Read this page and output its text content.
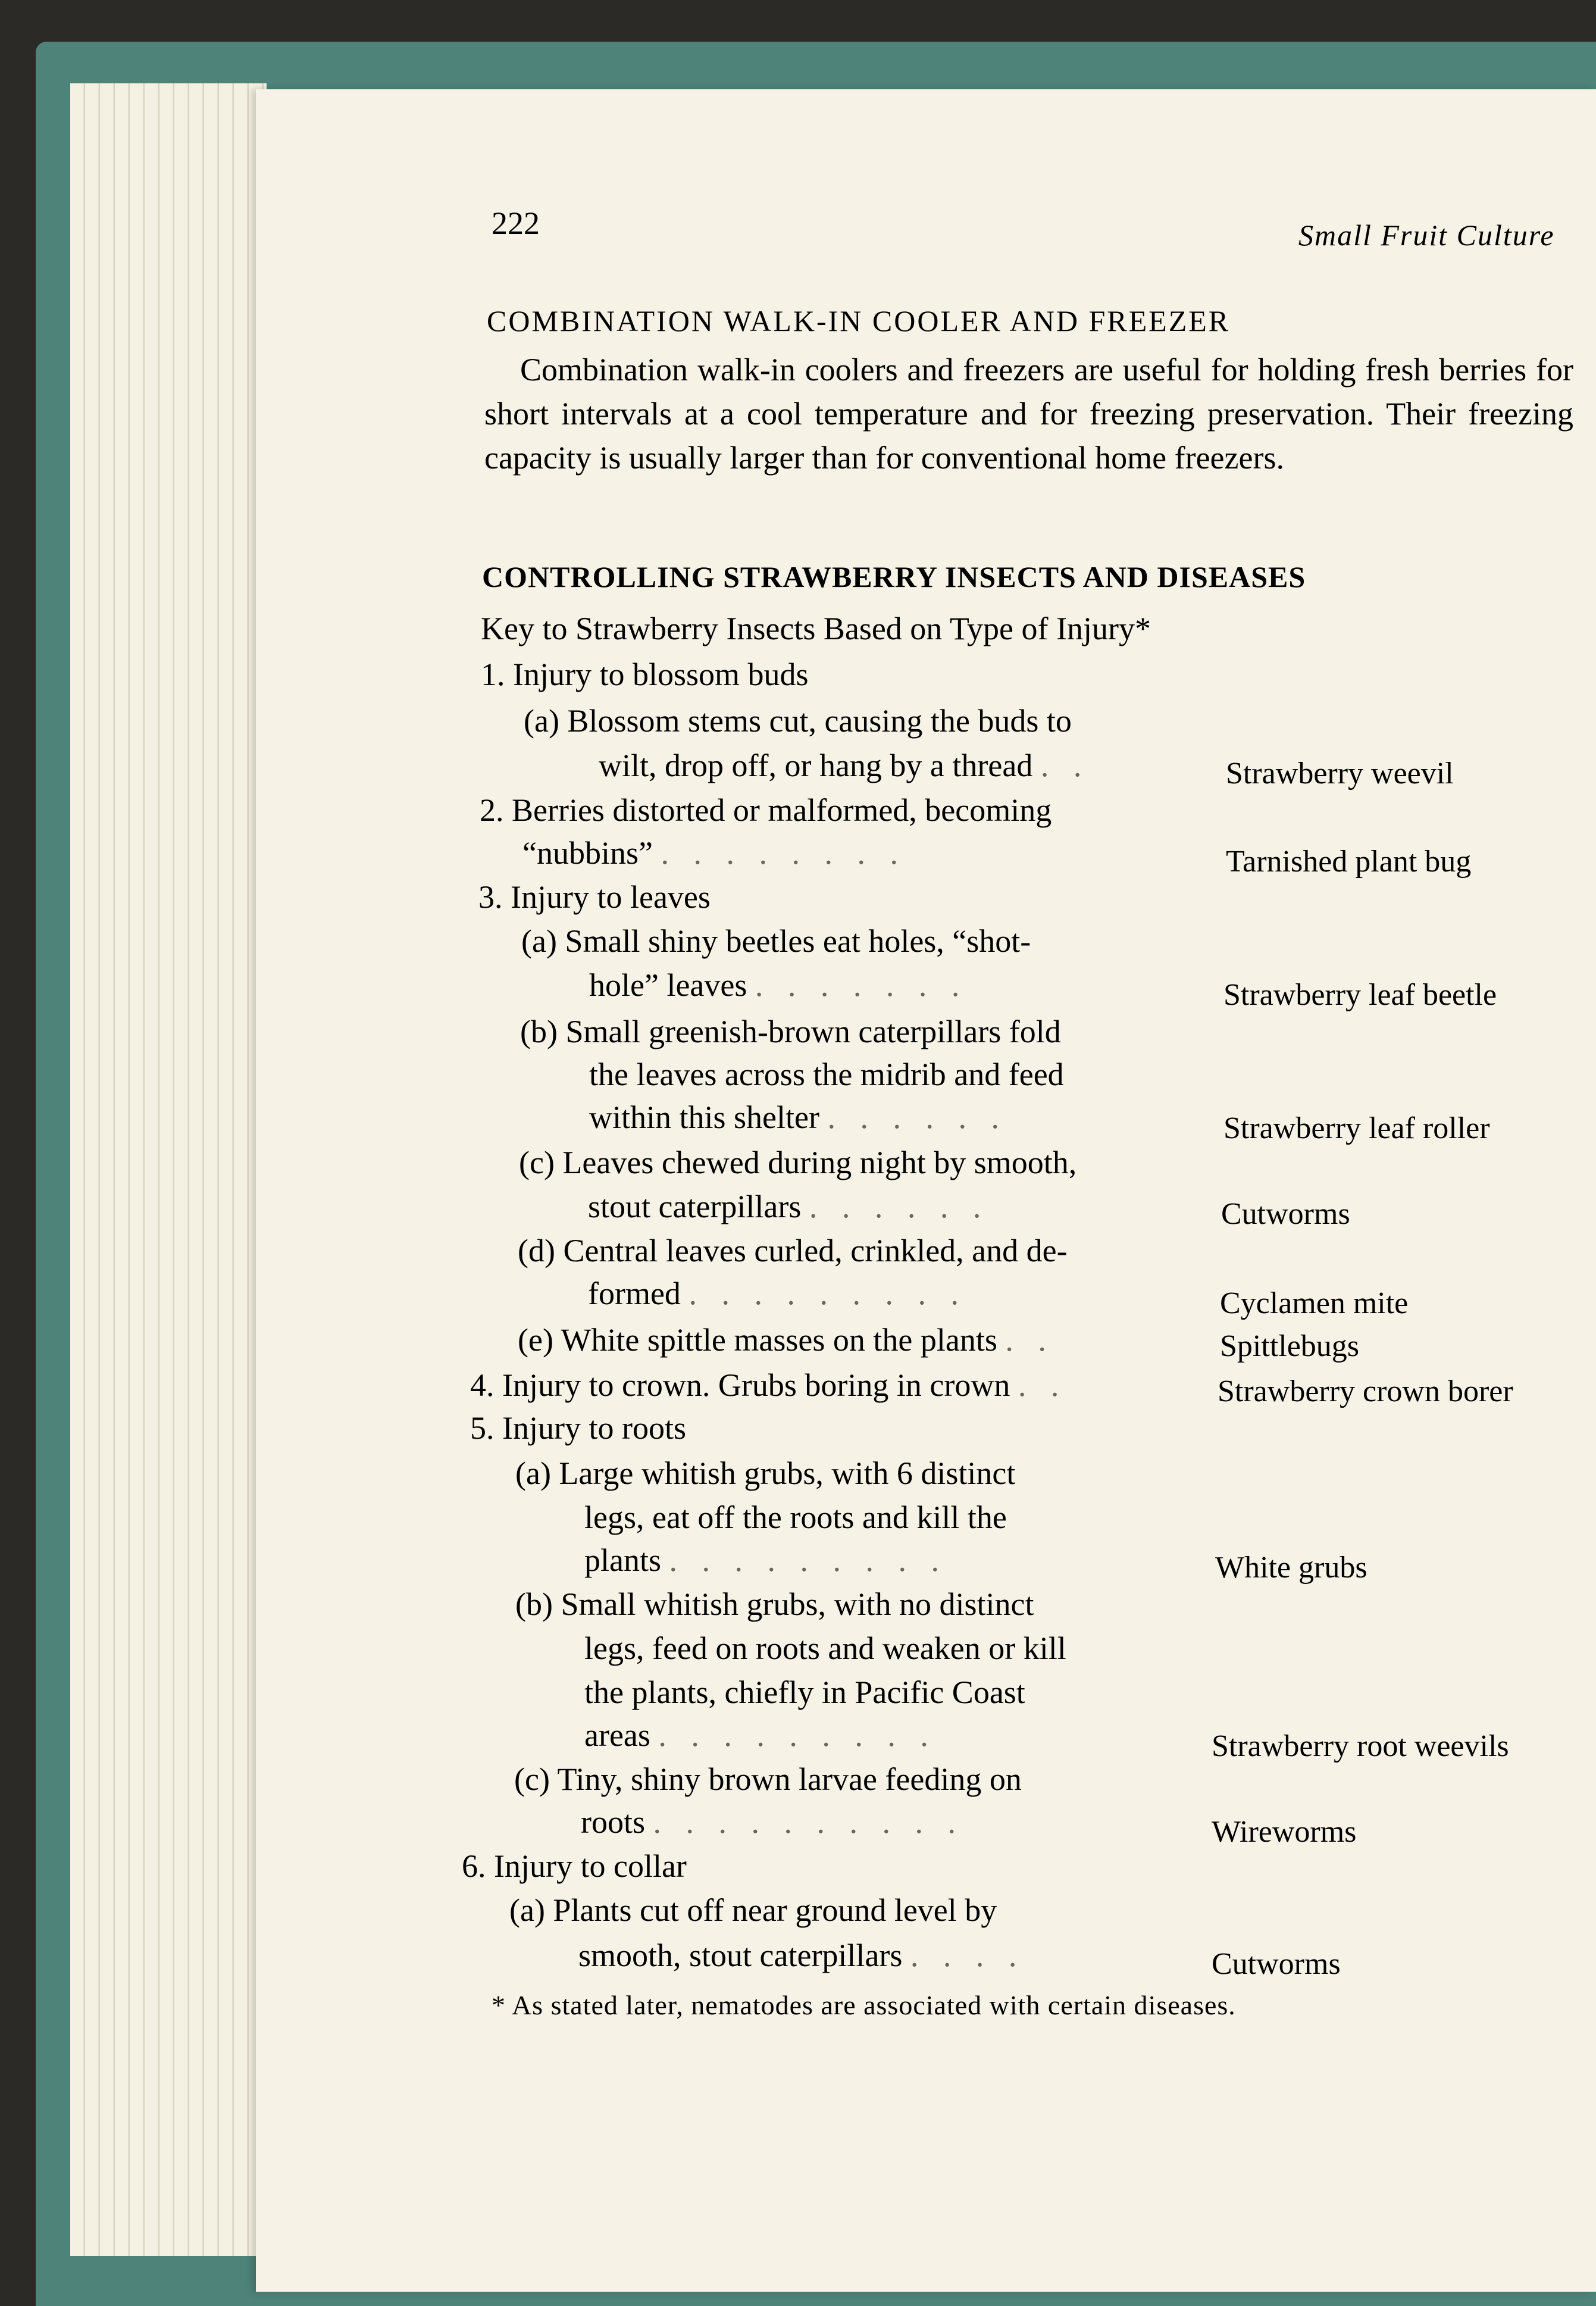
222	Small Fruit Culture
COMBINATION WALK-IN COOLER AND FREEZER

Combination walk-in coolers and freezers are useful for holding fresh berries for short intervals at a cool temperature and for freezing preservation. Their freezing capacity is usually larger than for conventional home freezers.

CONTROLLING STRAWBERRY INSECTS AND DISEASES
Key to Strawberry Insects Based on Type of Injury*
1. Injury to blossom buds
(a) Blossom stems cut, causing the buds to
wilt, drop off, or hang by a thread . .	Strawberry weevil
2. Berries distorted or malformed, becoming
“nubbins” . . . . . . . .	Tarnished plant bug
3. Injury to leaves
(a) Small shiny beetles eat holes, “shot-
hole” leaves . . . . . . .	Strawberry leaf beetle
(b) Small greenish-brown caterpillars fold
the leaves across the midrib and feed
within this shelter . . . . . .	Strawberry leaf roller
(c) Leaves chewed during night by smooth,
stout caterpillars . . . . . .	Cutworms
(d) Central leaves curled, crinkled, and de-
formed . . . . . . . . .	Cyclamen mite
(e) White spittle masses on the plants . .	Spittlebugs
4. Injury to crown. Grubs boring in crown . .	Strawberry crown borer
5. Injury to roots
(a) Large whitish grubs, with 6 distinct
legs, eat off the roots and kill the
plants . . . . . . . . .	White grubs
(b) Small whitish grubs, with no distinct
legs, feed on roots and weaken or kill
the plants, chiefly in Pacific Coast
areas . . . . . . . . .	Strawberry root weevils
(c) Tiny, shiny brown larvae feeding on
roots . . . . . . . . . .	Wireworms
6. Injury to collar
(a) Plants cut off near ground level by
smooth, stout caterpillars . . . .	Cutworms
* As stated later, nematodes are associated with certain diseases.
